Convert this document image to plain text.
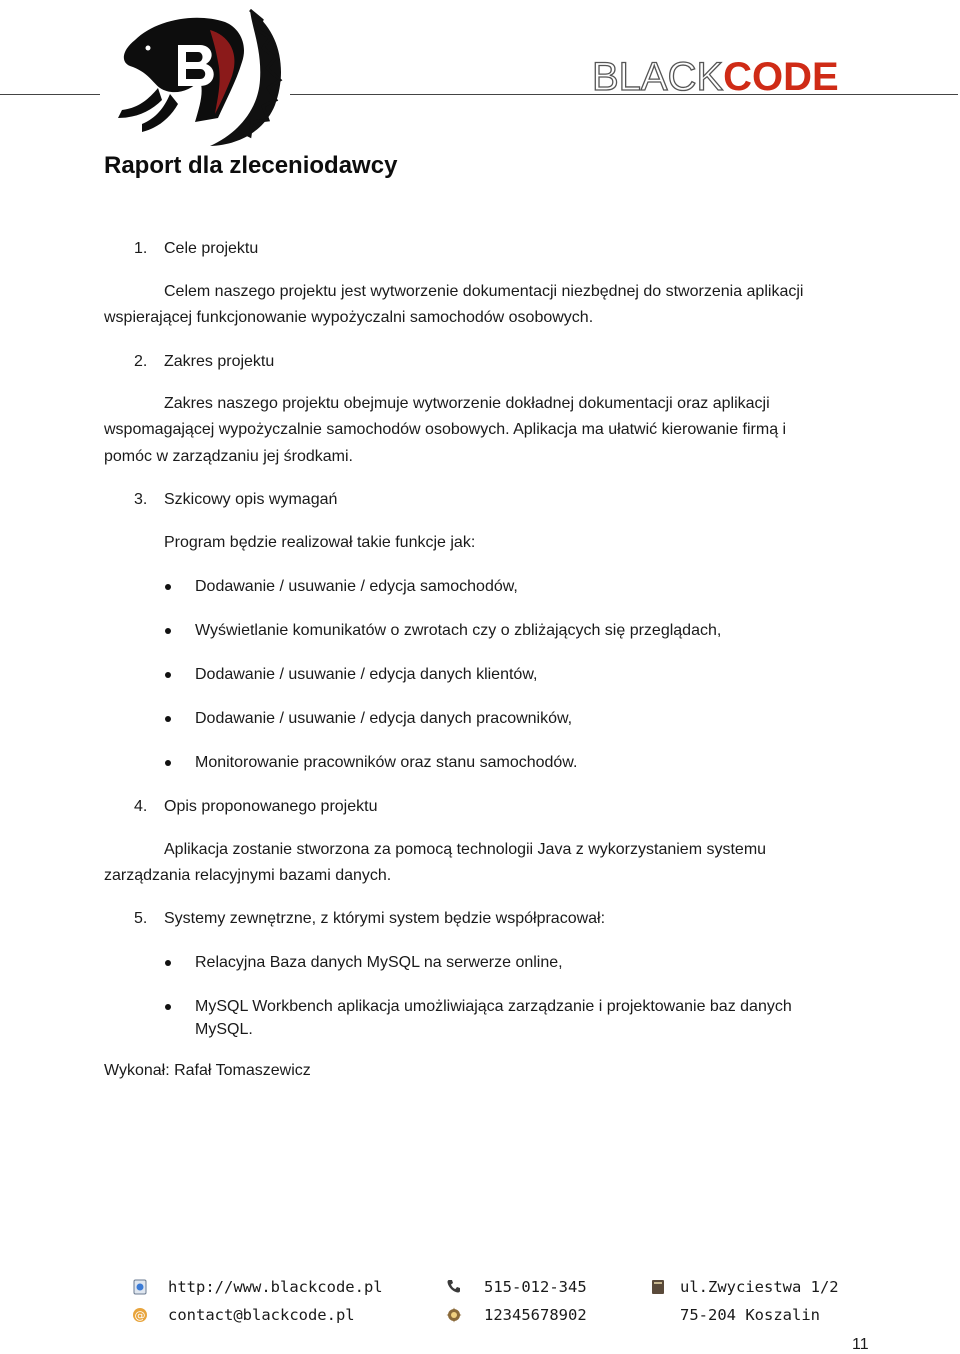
BLACKCODE
Raport dla zleceniodawcy
1. Cele projektu
Celem naszego projektu jest wytworzenie dokumentacji niezbędnej do stworzenia aplikacji
wspierającej funkcjonowanie wypożyczalni samochodów osobowych.
2. Zakres projektu
Zakres naszego projektu obejmuje wytworzenie dokładnej dokumentacji oraz aplikacji
wspomagającej wypożyczalnie samochodów osobowych. Aplikacja ma ułatwić kierowanie firmą i
pomóc w zarządzaniu jej środkami.
3. Szkicowy opis wymagań
Program będzie realizował takie funkcje jak:
Dodawanie / usuwanie / edycja samochodów,
Wyświetlanie komunikatów o zwrotach czy o zbliżających się przeglądach,
Dodawanie / usuwanie / edycja danych klientów,
Dodawanie / usuwanie / edycja danych pracowników,
Monitorowanie pracowników oraz stanu samochodów.
4. Opis proponowanego projektu
Aplikacja zostanie stworzona za pomocą technologii Java z wykorzystaniem systemu
zarządzania relacyjnymi bazami danych.
5. Systemy zewnętrzne, z którymi system będzie współpracował:
Relacyjna Baza danych MySQL na serwerze online,
MySQL Workbench aplikacja umożliwiająca zarządzanie i projektowanie baz danych
MySQL.
Wykonał: Rafał Tomaszewicz
http://www.blackcode.pl
@ contact@blackcode.pl
515-012-345
12345678902
ul.Zwyciestwa 1/2
75-204 Koszalin
11
